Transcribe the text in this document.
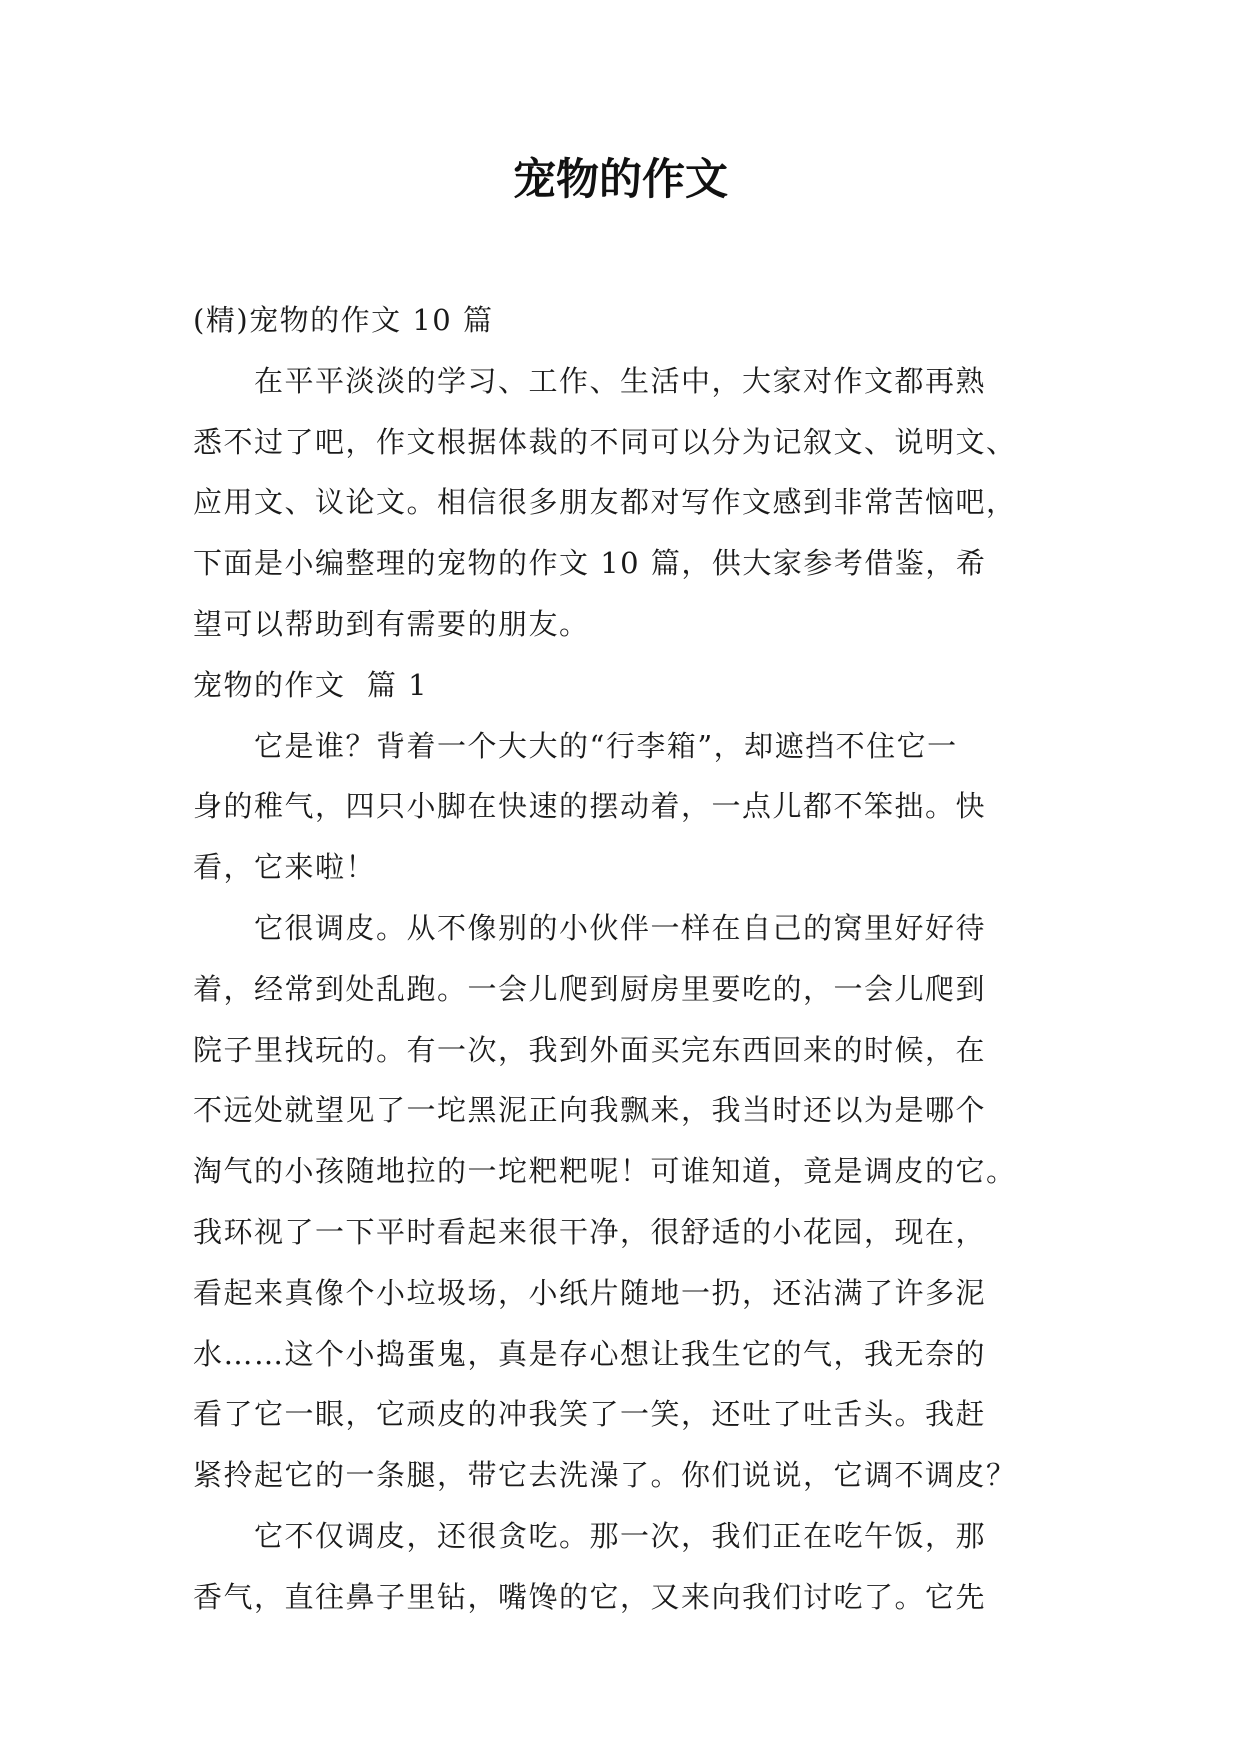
宠物的作文
(精)宠物的作文 10 篇
　　在平平淡淡的学习、工作、生活中，大家对作文都再熟
悉不过了吧，作文根据体裁的不同可以分为记叙文、说明文、
应用文、议论文。相信很多朋友都对写作文感到非常苦恼吧，
下面是小编整理的宠物的作文 10 篇，供大家参考借鉴，希
望可以帮助到有需要的朋友。
宠物的作文  篇 1
　　它是谁？背着一个大大的“行李箱”，却遮挡不住它一
身的稚气，四只小脚在快速的摆动着，一点儿都不笨拙。快
看，它来啦！
　　它很调皮。从不像别的小伙伴一样在自己的窝里好好待
着，经常到处乱跑。一会儿爬到厨房里要吃的，一会儿爬到
院子里找玩的。有一次，我到外面买完东西回来的时候，在
不远处就望见了一坨黑泥正向我飘来，我当时还以为是哪个
淘气的小孩随地拉的一坨粑粑呢！可谁知道，竟是调皮的它。
我环视了一下平时看起来很干净，很舒适的小花园，现在，
看起来真像个小垃圾场，小纸片随地一扔，还沾满了许多泥
水……这个小捣蛋鬼，真是存心想让我生它的气，我无奈的
看了它一眼，它顽皮的冲我笑了一笑，还吐了吐舌头。我赶
紧拎起它的一条腿，带它去洗澡了。你们说说，它调不调皮？
　　它不仅调皮，还很贪吃。那一次，我们正在吃午饭，那
香气，直往鼻子里钻，嘴馋的它，又来向我们讨吃了。它先
